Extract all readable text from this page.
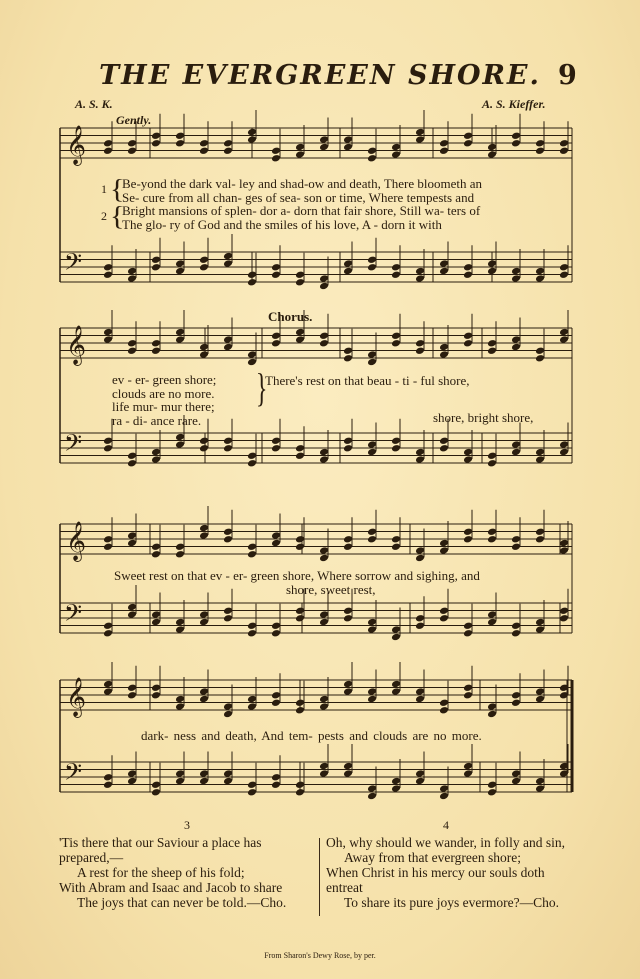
THE EVERGREEN SHORE. 9
A. S. K.	A. S. Kieffer.
Gently.
𝄞
𝄢
𝄞
𝄢
𝄞
𝄢
𝄞
𝄢
1
2
{
{
Be-yond the dark val- ley and shad-ow and death, There bloometh an
Se- cure from all chan- ges of sea- son or time, Where tempests and
Bright mansions of splen- dor a- dorn that fair shore, Still wa- ters of
The glo- ry of God and the smiles of his love, A - dorn it with
Chorus.
ev - er- green shore;
clouds are no more.
life mur- mur there;
ra - di- ance rare.
}
There's rest on that beau - ti - ful shore,
shore, bright shore,
Sweet rest on that ev - er- green shore, Where sorrow and sighing, and
shore, sweet rest,
dark- ness and death, And tem- pests and clouds are no more.
3	4
'Tis there that our Saviour a place has prepared,—
A rest for the sheep of his fold;
With Abram and Isaac and Jacob to share
The joys that can never be told.—Cho.
Oh, why should we wander, in folly and sin,
Away from that evergreen shore;
When Christ in his mercy our souls doth entreat
To share its pure joys evermore?—Cho.
From Sharon's Dewy Rose, by per.
